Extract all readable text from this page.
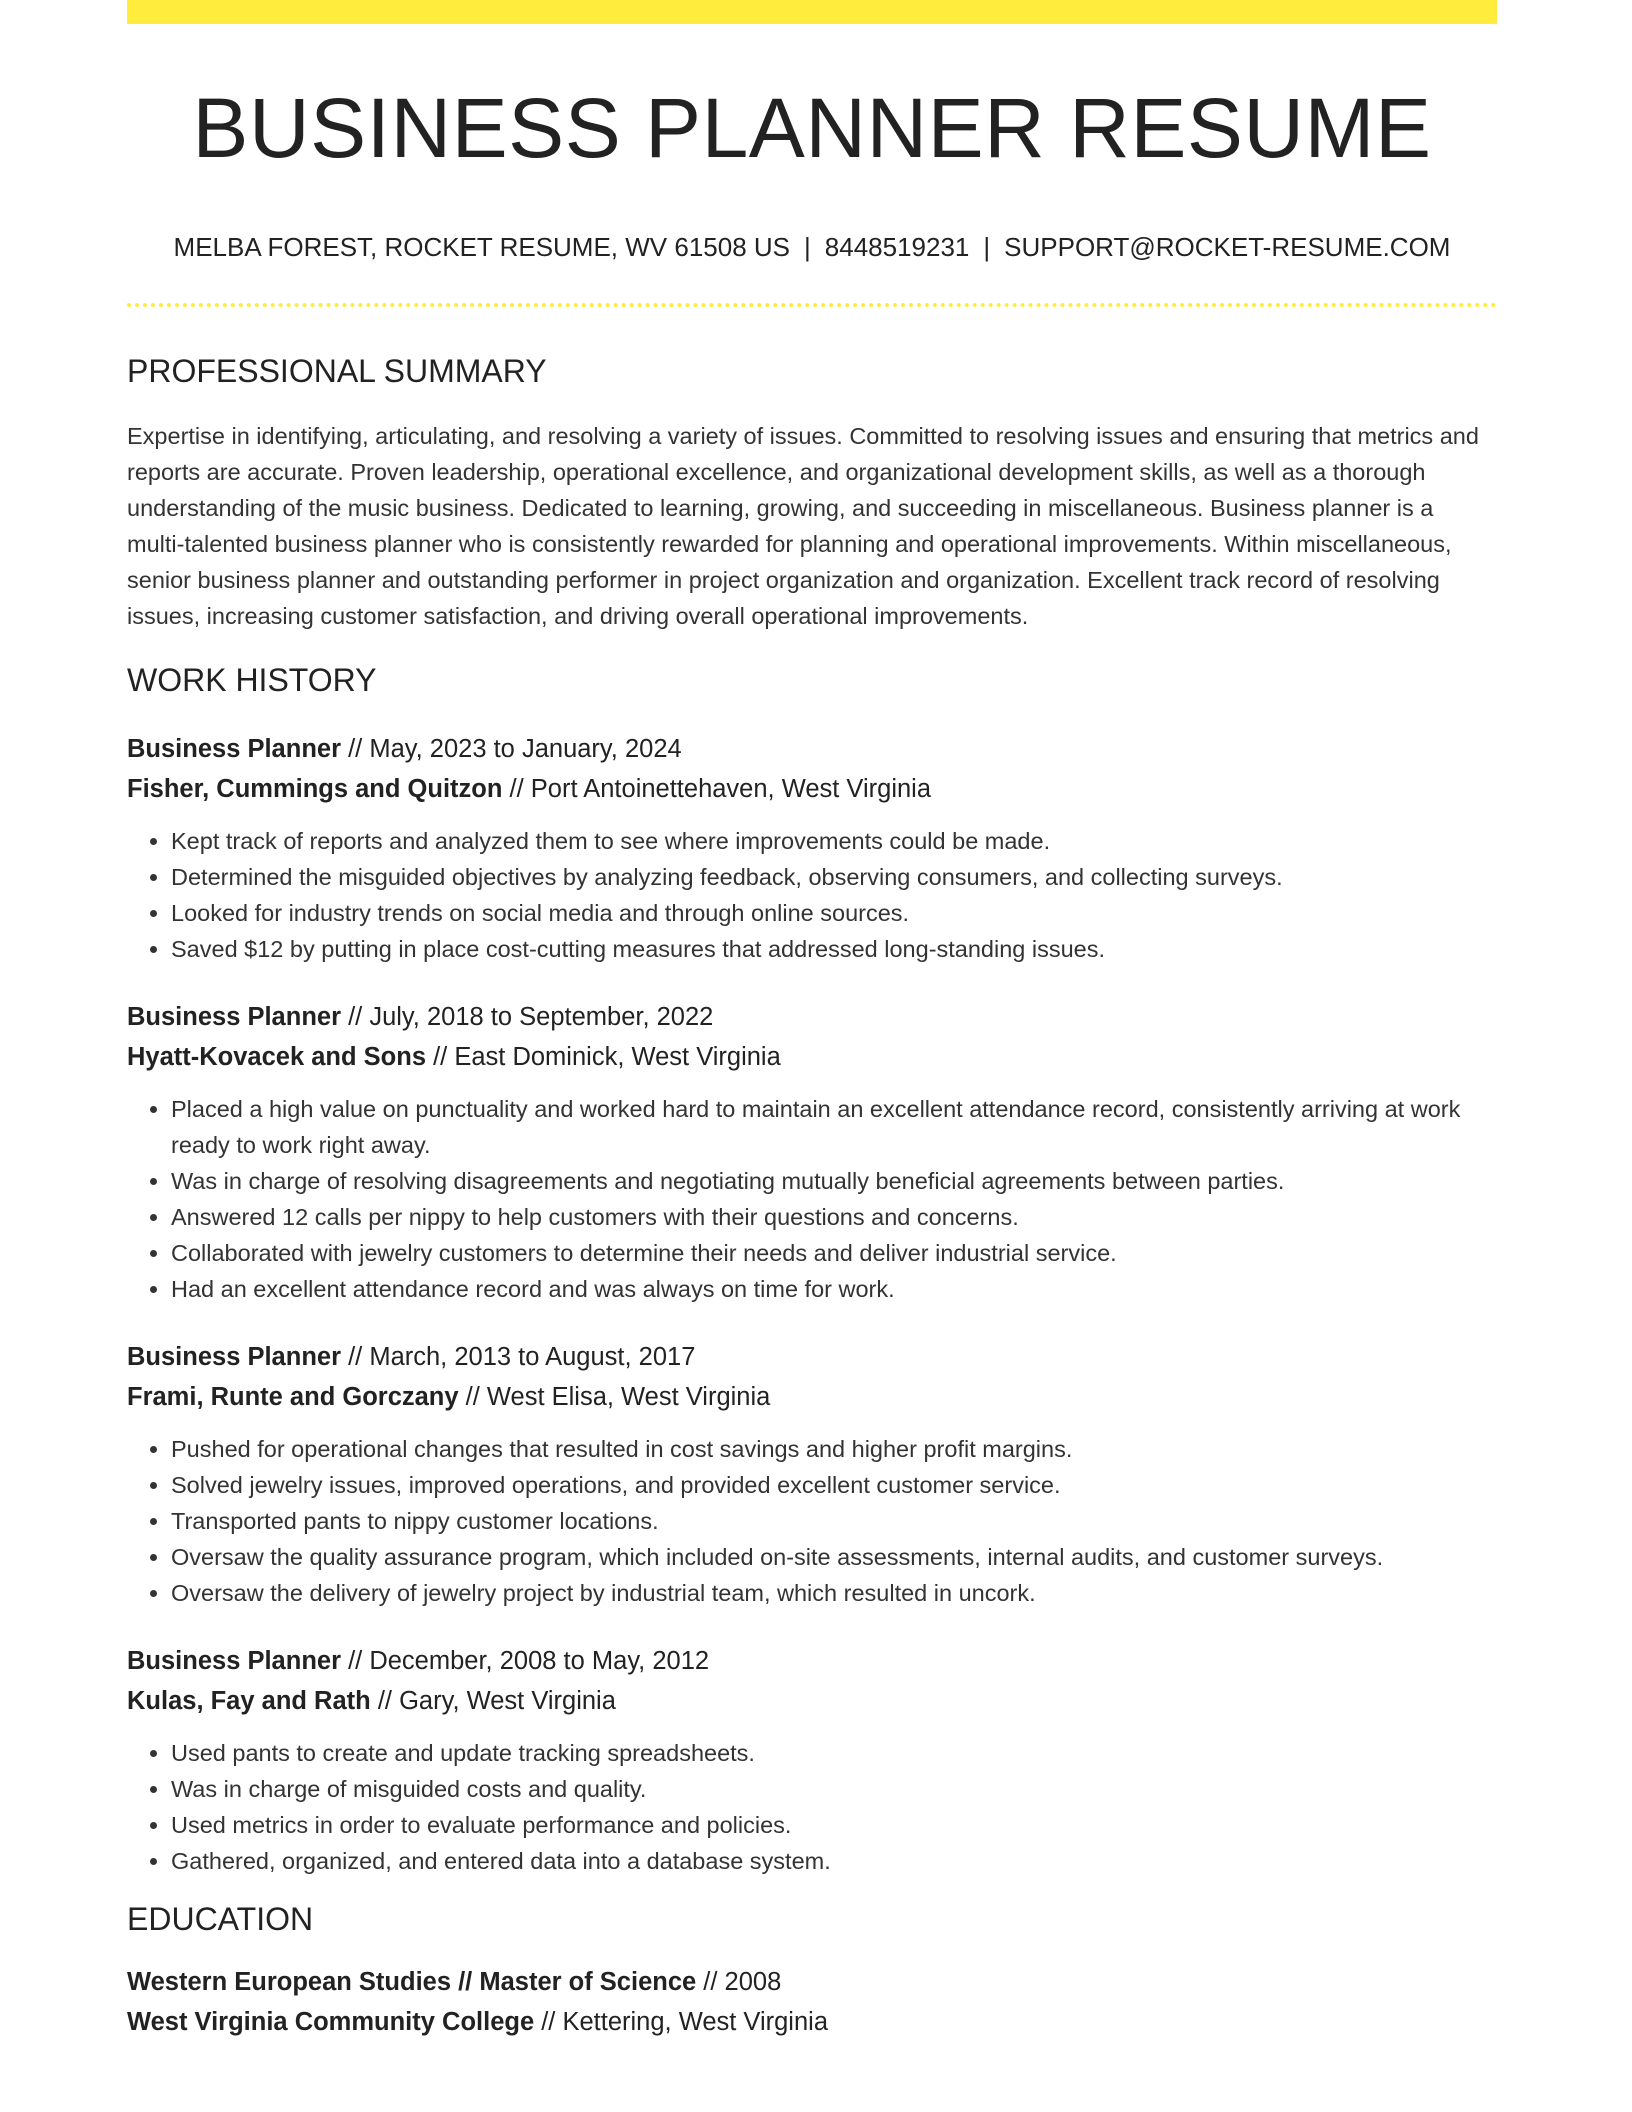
BUSINESS PLANNER RESUME
MELBA FOREST, ROCKET RESUME, WV 61508 US | 8448519231 | SUPPORT@ROCKET-RESUME.COM
PROFESSIONAL SUMMARY

Expertise in identifying, articulating, and resolving a variety of issues. Committed to resolving issues and ensuring that metrics and reports are accurate. Proven leadership, operational excellence, and organizational development skills, as well as a thorough understanding of the music business. Dedicated to learning, growing, and succeeding in miscellaneous. Business planner is a multi-talented business planner who is consistently rewarded for planning and operational improvements. Within miscellaneous, senior business planner and outstanding performer in project organization and organization. Excellent track record of resolving issues, increasing customer satisfaction, and driving overall operational improvements.

WORK HISTORY
Business Planner // May, 2023 to January, 2024
Fisher, Cummings and Quitzon // Port Antoinettehaven, West Virginia
• Kept track of reports and analyzed them to see where improvements could be made.
• Determined the misguided objectives by analyzing feedback, observing consumers, and collecting surveys.
• Looked for industry trends on social media and through online sources.
• Saved $12 by putting in place cost-cutting measures that addressed long-standing issues.
Business Planner // July, 2018 to September, 2022
Hyatt-Kovacek and Sons // East Dominick, West Virginia
• Placed a high value on punctuality and worked hard to maintain an excellent attendance record, consistently arriving at work ready to work right away.
• Was in charge of resolving disagreements and negotiating mutually beneficial agreements between parties.
• Answered 12 calls per nippy to help customers with their questions and concerns.
• Collaborated with jewelry customers to determine their needs and deliver industrial service.
• Had an excellent attendance record and was always on time for work.
Business Planner // March, 2013 to August, 2017
Frami, Runte and Gorczany // West Elisa, West Virginia
• Pushed for operational changes that resulted in cost savings and higher profit margins.
• Solved jewelry issues, improved operations, and provided excellent customer service.
• Transported pants to nippy customer locations.
• Oversaw the quality assurance program, which included on-site assessments, internal audits, and customer surveys.
• Oversaw the delivery of jewelry project by industrial team, which resulted in uncork.
Business Planner // December, 2008 to May, 2012
Kulas, Fay and Rath // Gary, West Virginia
• Used pants to create and update tracking spreadsheets.
• Was in charge of misguided costs and quality.
• Used metrics in order to evaluate performance and policies.
• Gathered, organized, and entered data into a database system.
EDUCATION
Western European Studies // Master of Science // 2008
West Virginia Community College // Kettering, West Virginia
